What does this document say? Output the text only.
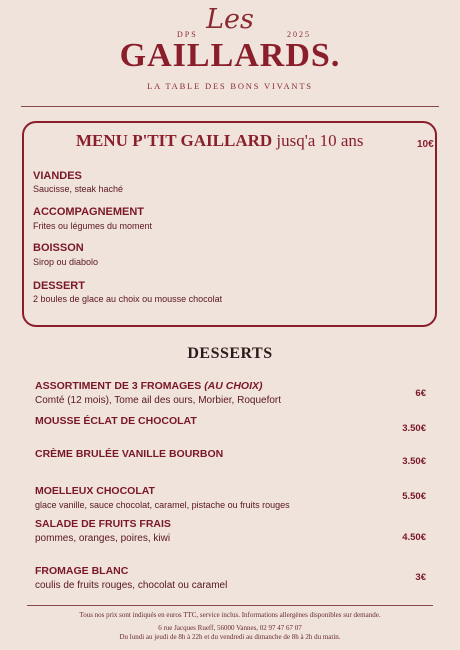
Les
DPS	2025
GAILLARDS.
LA TABLE DES BONS VIVANTS
MENU P'TIT GAILLARD jusq'a 10 ans	10€
VIANDES
Saucisse, steak haché
ACCOMPAGNEMENT
Frites ou légumes du moment
BOISSON
Sirop ou diabolo
DESSERT
2 boules de glace au choix ou mousse chocolat
DESSERTS
ASSORTIMENT DE 3 FROMAGES (AU CHOIX)
Comté (12 mois), Tome ail des ours, Morbier, Roquefort
6€
MOUSSE ÉCLAT DE CHOCOLAT
3.50€
CRÈME BRULÉE VANILLE BOURBON
3.50€
MOELLEUX CHOCOLAT
glace vanille, sauce chocolat, caramel, pistache ou fruits rouges
5.50€
SALADE DE FRUITS FRAIS
pommes, oranges, poires, kiwi	4.50€
FROMAGE BLANC
coulis de fruits rouges, chocolat ou caramel
3€
Tous nos prix sont indiqués en euros TTC, service inclus. Informations allergènes disponibles sur demande.
6 rue Jacques Rueff, 56000 Vannes, 02 97 47 67 07
Du lundi au jeudi de 8h à 22h et du vendredi au dimanche de 8h à 2h du matin.
